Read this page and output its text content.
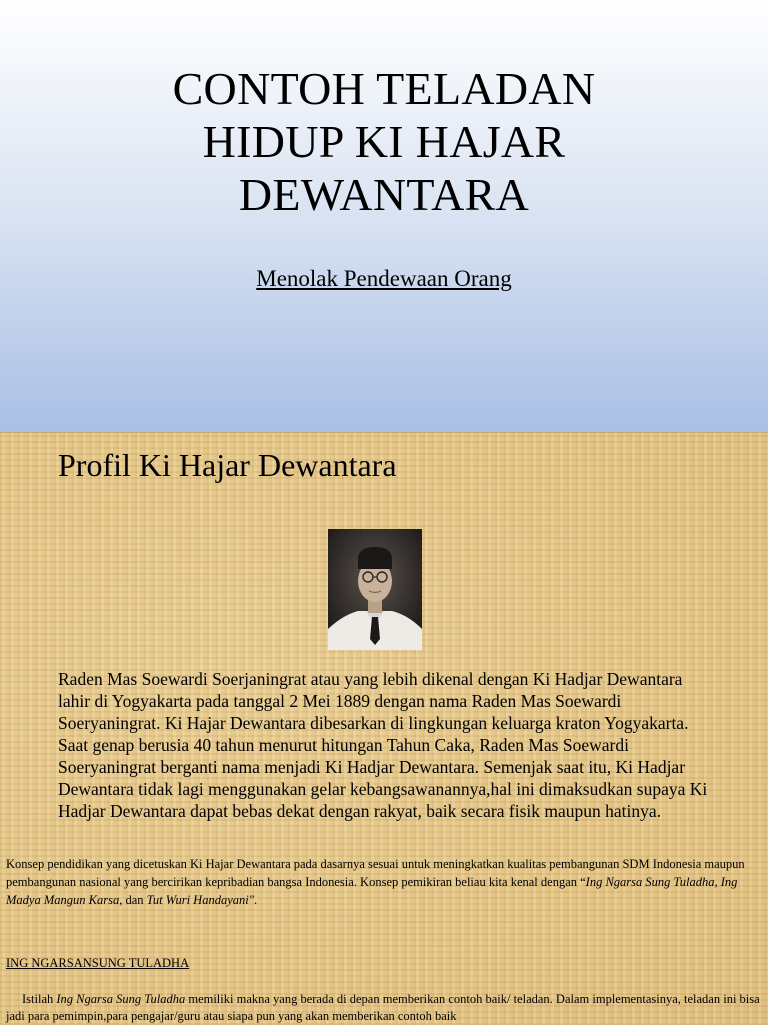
CONTOH TELADAN
HIDUP KI HAJAR
DEWANTARA
Menolak Pendewaan Orang
Profil Ki Hajar Dewantara

Raden Mas Soewardi Soerjaningrat atau yang lebih dikenal dengan Ki Hadjar Dewantara lahir di Yogyakarta pada tanggal 2 Mei 1889 dengan nama Raden Mas Soewardi Soeryaningrat. Ki Hajar Dewantara dibesarkan di lingkungan keluarga kraton Yogyakarta. Saat genap berusia 40 tahun menurut hitungan Tahun Caka, Raden Mas Soewardi Soeryaningrat berganti nama menjadi Ki Hadjar Dewantara. Semenjak saat itu, Ki Hadjar Dewantara tidak lagi menggunakan gelar kebangsawanannya,hal ini dimaksudkan supaya Ki Hadjar Dewantara dapat bebas dekat dengan rakyat, baik secara fisik maupun hatinya.

Konsep pendidikan yang dicetuskan Ki Hajar Dewantara pada dasarnya sesuai untuk meningkatkan kualitas pembangunan SDM Indonesia maupun pembangunan nasional yang bercirikan kepribadian bangsa Indonesia. Konsep pemikiran beliau kita kenal dengan “Ing Ngarsa Sung Tuladha, Ing Madya Mangun Karsa, dan Tut Wuri Handayani".

ING NGARSANSUNG TULADHA

Istilah Ing Ngarsa Sung Tuladha memiliki makna yang berada di depan memberikan contoh baik/ teladan. Dalam implementasinya, teladan ini bisa jadi para pemimpin,para pengajar/guru atau siapa pun yang akan memberikan contoh baik
